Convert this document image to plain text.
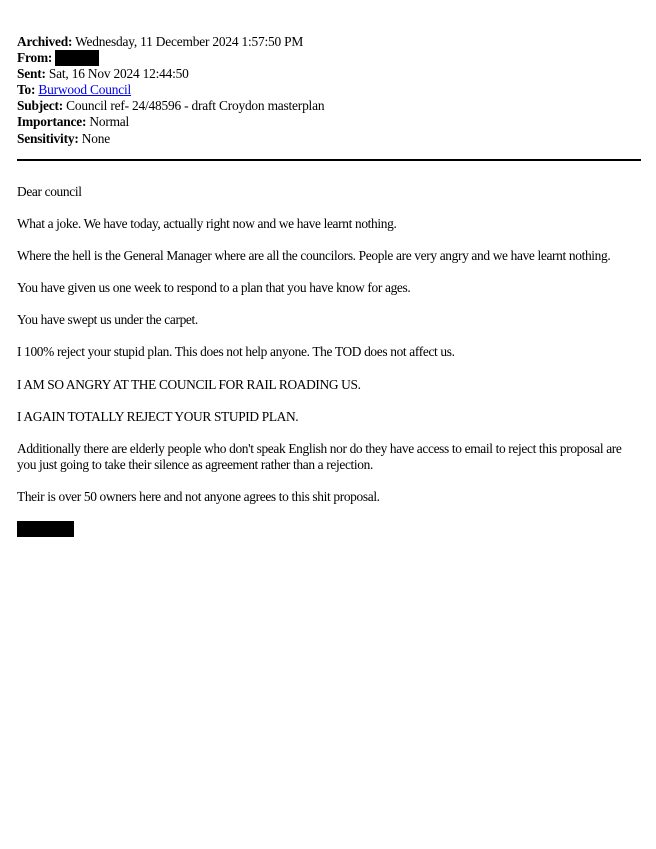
Archived: Wednesday, 11 December 2024 1:57:50 PM
From:
Sent: Sat, 16 Nov 2024 12:44:50
To: Burwood Council
Subject: Council ref- 24/48596 - draft Croydon masterplan
Importance: Normal
Sensitivity: None

Dear council

What a joke. We have today, actually right now and we have learnt nothing.

Where the hell is the General Manager where are all the councilors. People are very angry and we have learnt nothing.

You have given us one week to respond to a plan that you have know for ages.

You have swept us under the carpet.

I 100% reject your stupid plan. This does not help anyone. The TOD does not affect us.

I AM SO ANGRY AT THE COUNCIL FOR RAIL ROADING US.

I AGAIN TOTALLY REJECT YOUR STUPID PLAN.

Additionally there are elderly people who don't speak English nor do they have access to email to reject this proposal are you just going to take their silence as agreement rather than a rejection.

Their is over 50 owners here and not anyone agrees to this shit proposal.
